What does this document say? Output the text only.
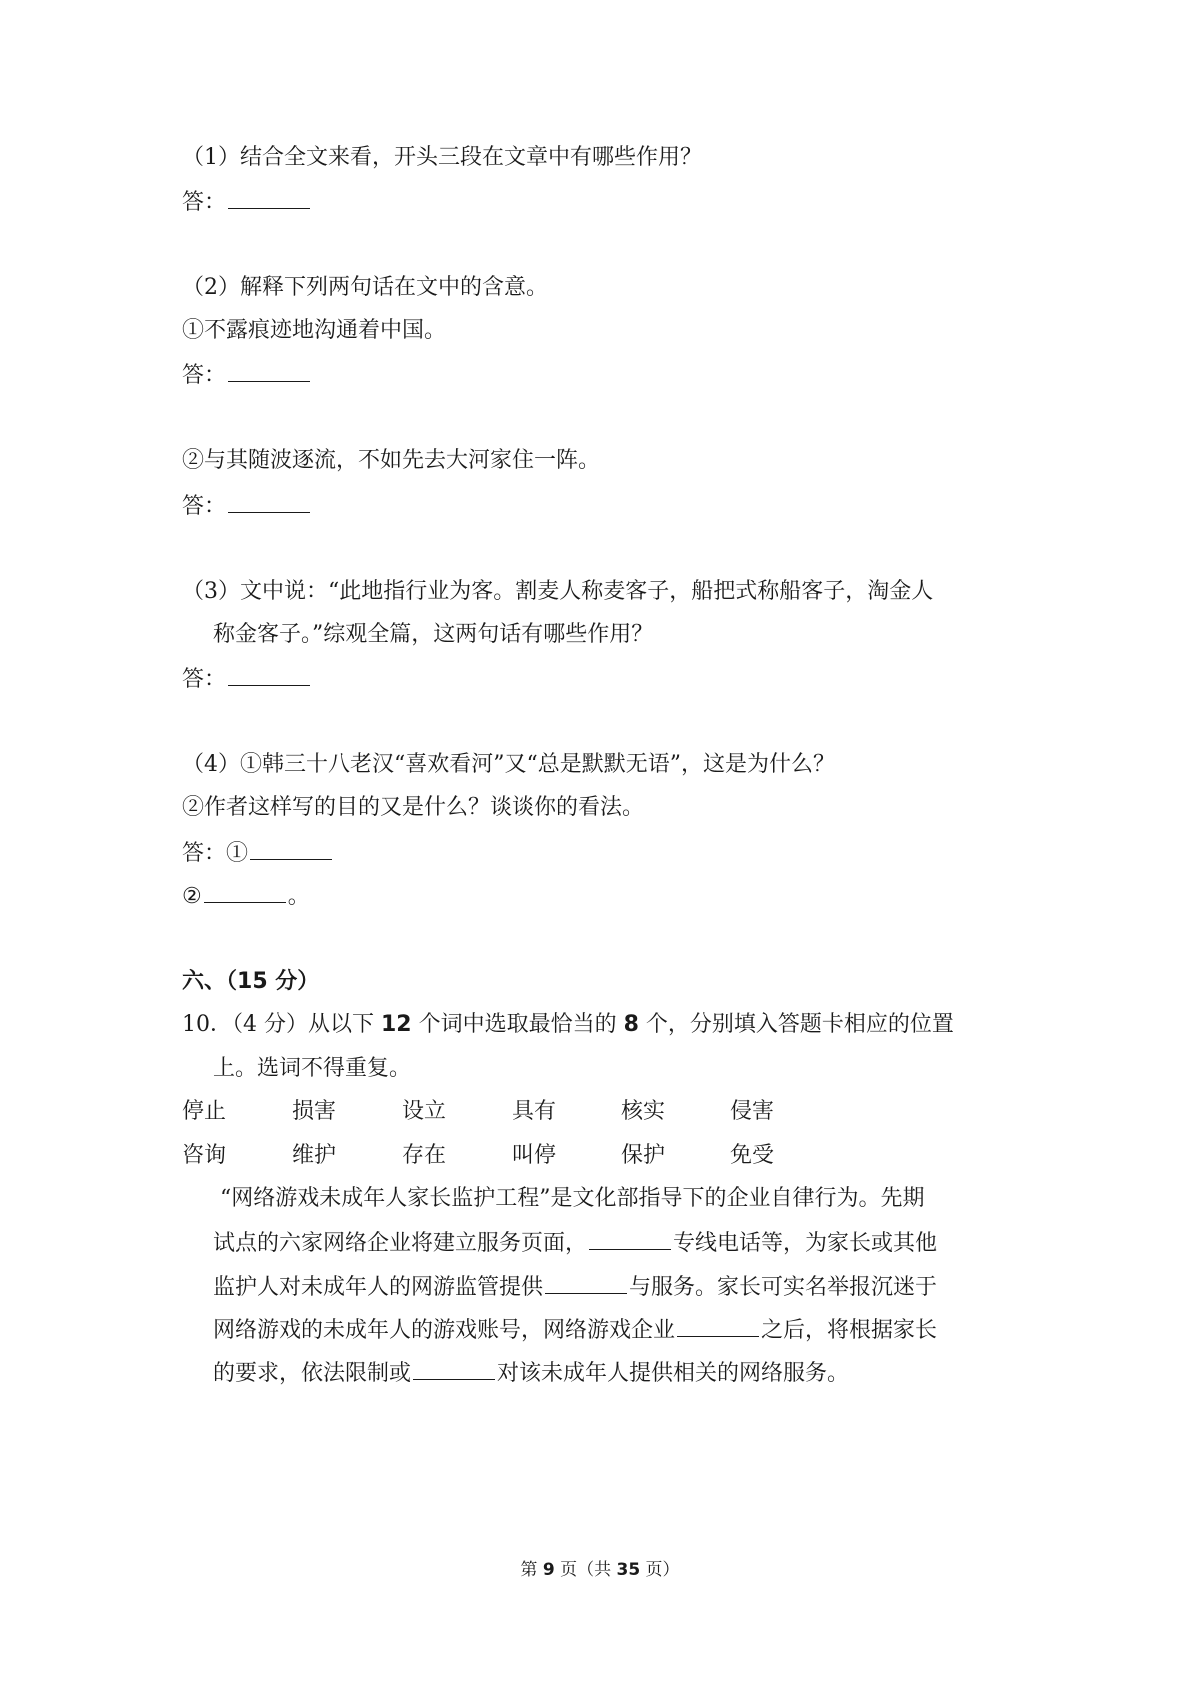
（1）结合全文来看，开头三段在文章中有哪些作用？
答：
（2）解释下列两句话在文中的含意。
①不露痕迹地沟通着中国。
答：
②与其随波逐流，不如先去大河家住一阵。
答：
（3）文中说：“此地指行业为客。割麦人称麦客子，船把式称船客子，淘金人
称金客子。”综观全篇，这两句话有哪些作用？
答：
（4）①韩三十八老汉“喜欢看河”又“总是默默无语”，这是为什么？
②作者这样写的目的又是什么？谈谈你的看法。
答：①
②	。
六、（15 分）
10．（4 分）从以下 12 个词中选取最恰当的 8 个，分别填入答题卡相应的位置
上。选词不得重复。
停止	损害	设立	具有	核实	侵害
咨询	维护	存在	叫停	保护	免受
“网络游戏未成年人家长监护工程”是文化部指导下的企业自律行为。先期
试点的六家网络企业将建立服务页面，	专线电话等，为家长或其他
监护人对未成年人的网游监管提供	与服务。家长可实名举报沉迷于
网络游戏的未成年人的游戏账号，网络游戏企业	之后，将根据家长
的要求，依法限制或	对该未成年人提供相关的网络服务。
第 9 页（共 35 页）
